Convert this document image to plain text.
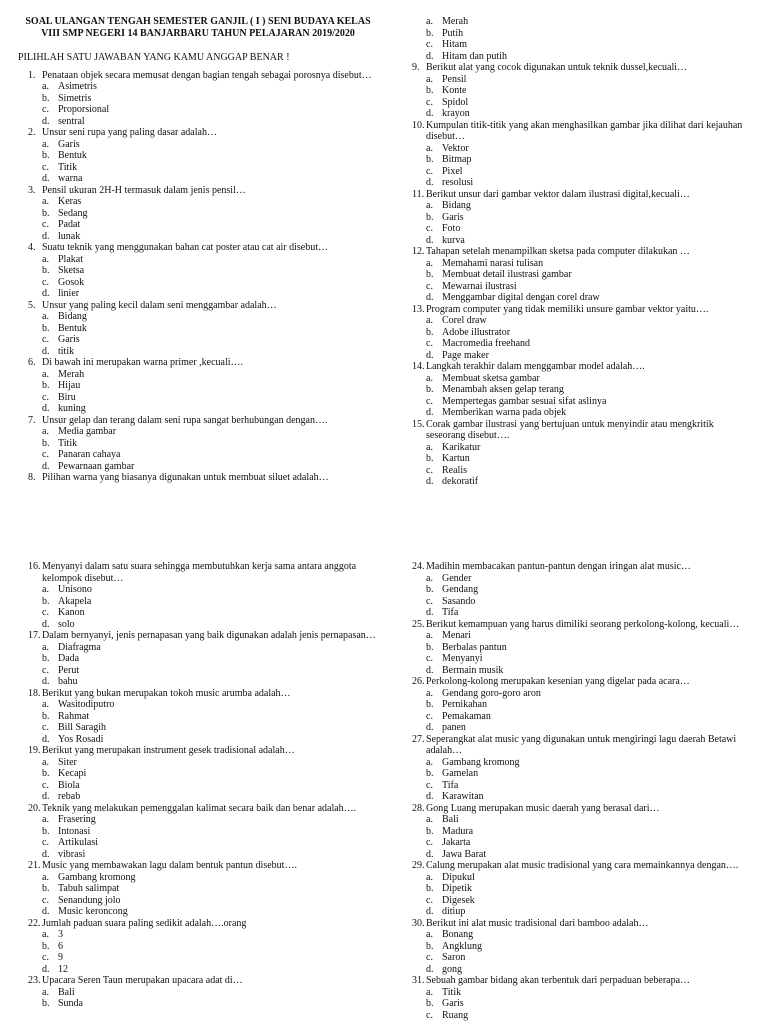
SOAL ULANGAN TENGAH SEMESTER GANJIL ( I ) SENI BUDAYA KELAS
VIII SMP NEGERI 14 BANJARBARU TAHUN PELAJARAN 2019/2020
PILIHLAH SATU JAWABAN YANG KAMU ANGGAP BENAR !
1. Penataan objek secara memusat dengan bagian tengah sebagai porosnya disebut…
a. Asimetris
b. Simetris
c. Proporsional
d. sentral
2. Unsur seni rupa yang paling dasar adalah…
a. Garis
b. Bentuk
c. Titik
d. warna
3. Pensil ukuran 2H-H termasuk dalam jenis pensil…
a. Keras
b. Sedang
c. Padat
d. lunak
4. Suatu teknik yang menggunakan bahan cat poster atau cat air disebut…
a. Plakat
b. Sketsa
c. Gosok
d. linier
5. Unsur yang paling kecil dalam seni menggambar adalah…
a. Bidang
b. Bentuk
c. Garis
d. titik
6. Di bawah ini merupakan warna primer ,kecuali….
a. Merah
b. Hijau
c. Biru
d. kuning
7. Unsur gelap dan terang dalam seni rupa sangat berhubungan dengan….
a. Media gambar
b. Titik
c. Panaran cahaya
d. Pewarnaan gambar
8. Pilihan warna yang biasanya digunakan untuk membuat siluet adalah…
a. Merah
b. Putih
c. Hitam
d. Hitam dan putih
9. Berikut alat yang cocok digunakan untuk teknik dussel,kecuali…
a. Pensil
b. Konte
c. Spidol
d. krayon
10. Kumpulan titik-titik yang akan menghasilkan gambar jika dilihat dari kejauhan disebut…
a. Vektor
b. Bitmap
c. Pixel
d. resolusi
11. Berikut unsur dari gambar vektor dalam ilustrasi digital,kecuali…
a. Bidang
b. Garis
c. Foto
d. kurva
12. Tahapan setelah menampilkan sketsa pada computer dilakukan …
a. Memahami narasi tulisan
b. Membuat detail ilustrasi gambar
c. Mewarnai ilustrasi
d. Menggambar digital dengan corel draw
13. Program computer yang tidak memiliki unsure gambar vektor yaitu….
a. Corel draw
b. Adobe illustrator
c. Macromedia freehand
d. Page maker
14. Langkah terakhir dalam menggambar model adalah….
a. Membuat sketsa gambar
b. Menambah aksen gelap terang
c. Mempertegas gambar sesuai sifat aslinya
d. Memberikan warna pada objek
15. Corak gambar ilustrasi yang bertujuan untuk menyindir atau mengkritik seseorang disebut….
a. Karikatur
b. Kartun
c. Realis
d. dekoratif
16. Menyanyi dalam satu suara sehingga membutuhkan kerja sama antara anggota kelompok disebut…
a. Unisono
b. Akapela
c. Kanon
d. solo
17. Dalam bernyanyi, jenis pernapasan yang baik digunakan adalah jenis pernapasan…
a. Diafragma
b. Dada
c. Perut
d. bahu
18. Berikut yang bukan merupakan tokoh music arumba adalah…
a. Wasitodiputro
b. Rahmat
c. Bill Saragih
d. Yos Rosadi
19. Berikut yang merupakan instrument gesek tradisional adalah…
a. Siter
b. Kecapi
c. Biola
d. rebab
20. Teknik yang melakukan pemenggalan kalimat secara baik dan benar adalah….
a. Frasering
b. Intonasi
c. Artikulasi
d. vibrasi
21. Music yang membawakan lagu dalam bentuk pantun disebut….
a. Gambang kromong
b. Tabuh salimpat
c. Senandung jolo
d. Music keroncong
22. Jumlah paduan suara paling sedikit adalah….orang
a. 3
b. 6
c. 9
d. 12
23. Upacara Seren Taun merupakan upacara adat di…
a. Bali
b. Sunda
24. Madihin membacakan pantun-pantun dengan iringan alat music…
a. Gender
b. Gendang
c. Sasando
d. Tifa
25. Berikut kemampuan yang harus dimiliki seorang perkolong-kolong, kecuali…
a. Menari
b. Berbalas pantun
c. Menyanyi
d. Bermain musik
26. Perkolong-kolong merupakan kesenian yang digelar pada acara…
a. Gendang goro-goro aron
b. Pernikahan
c. Pemakaman
d. panen
27. Seperangkat alat music yang digunakan untuk mengiringi lagu daerah Betawi adalah…
a. Gambang kromong
b. Gamelan
c. Tifa
d. Karawitan
28. Gong Luang merupakan music daerah yang berasal dari…
a. Bali
b. Madura
c. Jakarta
d. Jawa Barat
29. Calung merupakan alat music tradisional yang cara memainkannya dengan….
a. Dipukul
b. Dipetik
c. Digesek
d. ditiup
30. Berikut ini alat music tradisional dari bamboo adalah…
a. Bonang
b. Angklung
c. Saron
d. gong
31. Sebuah gambar bidang akan terbentuk dari perpaduan beberapa…
a. Titik
b. Garis
c. Ruang
